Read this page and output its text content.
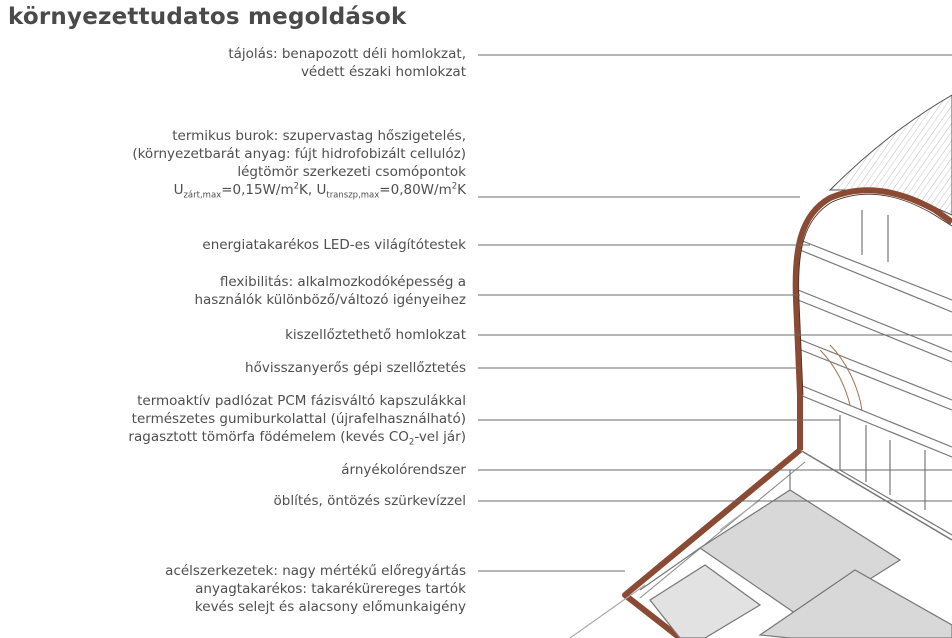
környezettudatos megoldások
tájolás: benapozott déli homlokzat,
védett északi homlokzat
termikus burok: szupervastag hőszigetelés,
(környezetbarát anyag: fújt hidrofobizált cellulóz)
légtömör szerkezeti csomópontok
$U_{zárt,max}=0,15W/m^2K$, $U_{transzp,max}=0,80W/m^2K$
energiatakarékos LED-es világítótestek
flexibilitás: alkalmozkodóképesség a
használók különböző/változó igényeihez
kiszellőztethető homlokzat
hővisszanyerős gépi szellőztetés
termoaktív padlózat PCM fázisváltó kapszulákkal
természetes gumiburkolattal (újrafelhasználható)
ragasztott tömörfa födémelem (kevés $CO_2$-vel jár)
árnyékolórendszer
öblítés, öntözés szürkevízzel
acélszerkezetek: nagy mértékű előregyártás
anyagtakarékos: takarékürereges tartók
kevés selejt és alacsony előmunkaigény
